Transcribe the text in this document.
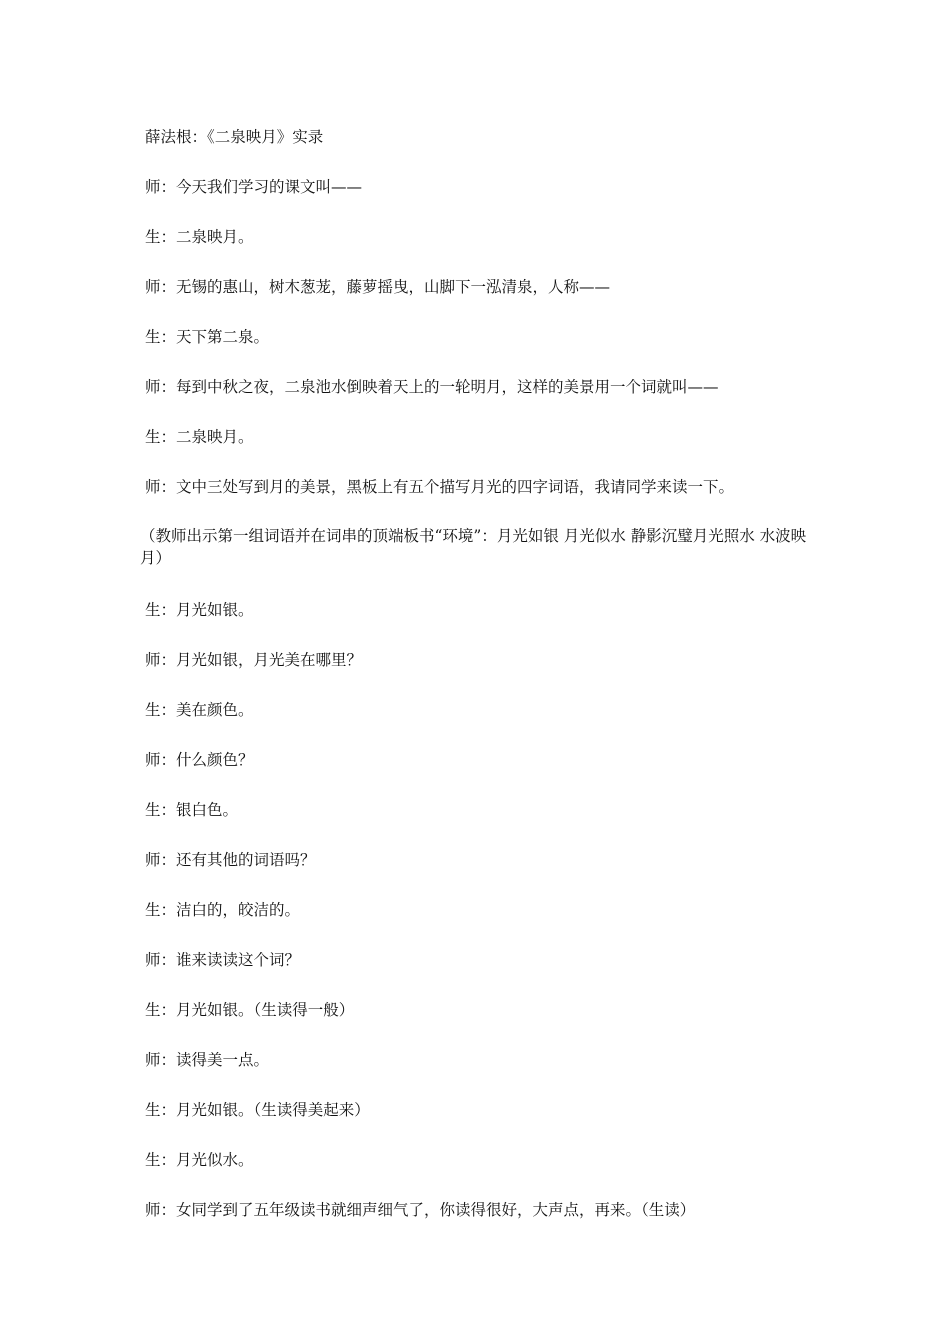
薛法根：《二泉映月》实录
师：今天我们学习的课文叫——
生：二泉映月。
师：无锡的惠山，树木葱茏，藤萝摇曳，山脚下一泓清泉，人称——
生：天下第二泉。
师：每到中秋之夜，二泉池水倒映着天上的一轮明月，这样的美景用一个词就叫——
生：二泉映月。
师：文中三处写到月的美景，黑板上有五个描写月光的四字词语，我请同学来读一下。
（教师出示第一组词语并在词串的顶端板书“环境”：月光如银 月光似水 静影沉璧月光照水 水波映月）
生：月光如银。
师：月光如银，月光美在哪里？
生：美在颜色。
师：什么颜色？
生：银白色。
师：还有其他的词语吗？
生：洁白的，皎洁的。
师：谁来读读这个词？
生：月光如银。（生读得一般）
师：读得美一点。
生：月光如银。（生读得美起来）
生：月光似水。
师：女同学到了五年级读书就细声细气了，你读得很好，大声点，再来。（生读）
